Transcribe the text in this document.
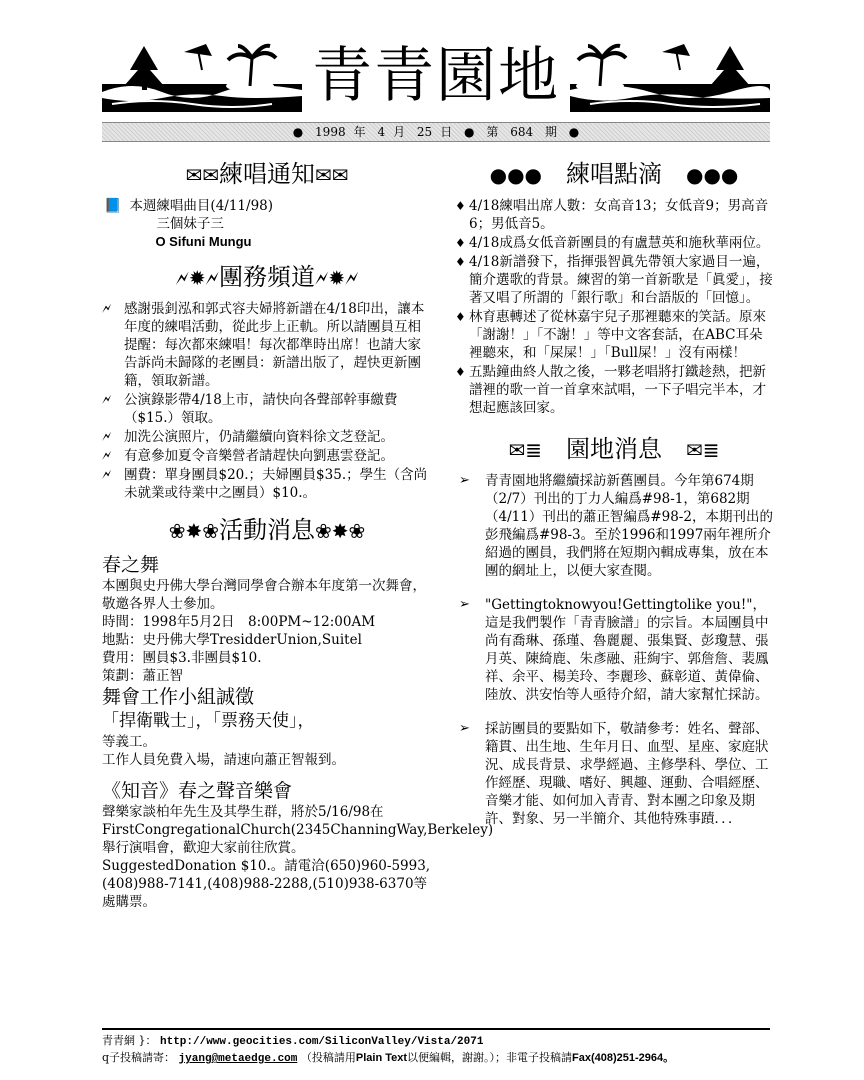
青青園地
● 1998 年 4 月 25 日 ● 第 684 期 ●
✉✉練唱通知✉✉
📘 本週練唱曲目(4/11/98)
三個妹子三
O Sifuni Mungu
🗲✹🗲團務頻道🗲✹🗲
🗲 感謝張釗泓和郭式容夫婦將新譜在4/18印出，讓本年度的練唱活動，從此步上正軌。所以請團員互相提醒：每次都來練唱！每次都準時出席！也請大家告訴尚未歸隊的老團員：新譜出版了，趕快更新團籍，領取新譜。
🗲 公演錄影帶4/18上市，請快向各聲部幹事繳費（$15.）領取。
🗲 加洗公演照片，仍請繼續向資料徐文芝登記。
🗲 有意參加夏令音樂營者請趕快向劉惠雲登記。
🗲 團費：單身團員$20.；夫婦團員$35.；學生（含尚未就業或待業中之團員）$10.。
❀✸❀活動消息❀✸❀
春之舞
本團與史丹佛大學台灣同學會合辦本年度第一次舞會，敬邀各界人士參加。
時間：1998年5月2日　8:00PM~12:00AM
地點：史丹佛大學TresidderUnion,Suitel
費用：團員$3.非團員$10.
策劃：蕭正智
舞會工作小組誠徵
「捍衛戰士」，「票務天使」，
等義工。
工作人員免費入場，請速向蕭正智報到。
《知音》春之聲音樂會
聲樂家談柏年先生及其學生群，將於5/16/98在FirstCongregationalChurch(2345ChanningWay,Berkeley)舉行演唱會，歡迎大家前往欣賞。SuggestedDonation $10.。請電洽(650)960-5993,(408)988-7141,(408)988-2288,(510)938-6370等處購票。
●●●　 練唱點滴　 ●●●
♦ 4/18練唱出席人數：女高音13；女低音9；男高音6；男低音5。
♦ 4/18成爲女低音新團員的有盧慧英和施秋華兩位。
♦ 4/18新譜發下，指揮張智眞先帶領大家過目一遍，簡介選歌的背景。練習的第一首新歌是「眞愛」，接著又唱了所謂的「銀行歌」和台語版的「回憶」。
♦ 林育惠轉述了從林嘉宇兒子那裡聽來的笑話。原來「謝謝！」「不謝！」等中文客套話，在ABC耳朵裡聽來，和「屎屎！」「Bull屎！」沒有兩樣！
♦ 五點鐘曲終人散之後，一夥老唱將打鐵趁熱，把新譜裡的歌一首一首拿來試唱，一下子唱完半本，才想起應該回家。
✉≣　 園地消息　 ✉≣
➢ 青青園地將繼續採訪新舊團員。今年第674期（2/7）刊出的丁力人編爲#98-1，第682期（4/11）刊出的蕭正智編爲#98-2，本期刊出的彭飛編爲#98-3。至於1996和1997兩年裡所介紹過的團員，我們將在短期內輯成專集，放在本團的網址上，以便大家查閱。
➢ "Gettingtoknowyou!Gettingtolike you!"，這是我們製作「青青臉譜」的宗旨。本屆團員中尚有喬琳、孫瑾、魯麗麗、張集賢、彭瓊慧、張月英、陳綺鹿、朱彥融、莊絢宇、郭詹詹、裴鳳祥、余平、楊美玲、李麗珍、蘇彰道、黃偉倫、陸放、洪安怡等人亟待介紹，請大家幫忙採訪。
➢ 採訪團員的要點如下，敬請參考：姓名、聲部、籍貫、出生地、生年月日、血型、星座、家庭狀況、成長背景、求學經過、主修學科、學位、工作經歷、現職、嗜好、興趣、運動、合唱經歷、音樂才能、如何加入青青、對本團之印象及期許、對象、另一半簡介、其他特殊事蹟．．．
青青網 }： http://www.geocities.com/SiliconValley/Vista/2071
q子投稿請寄： jyang@metaedge.com （投稿請用Plain Text以便編輯，謝謝。）；非電子投稿請Fax(408)251-2964。
